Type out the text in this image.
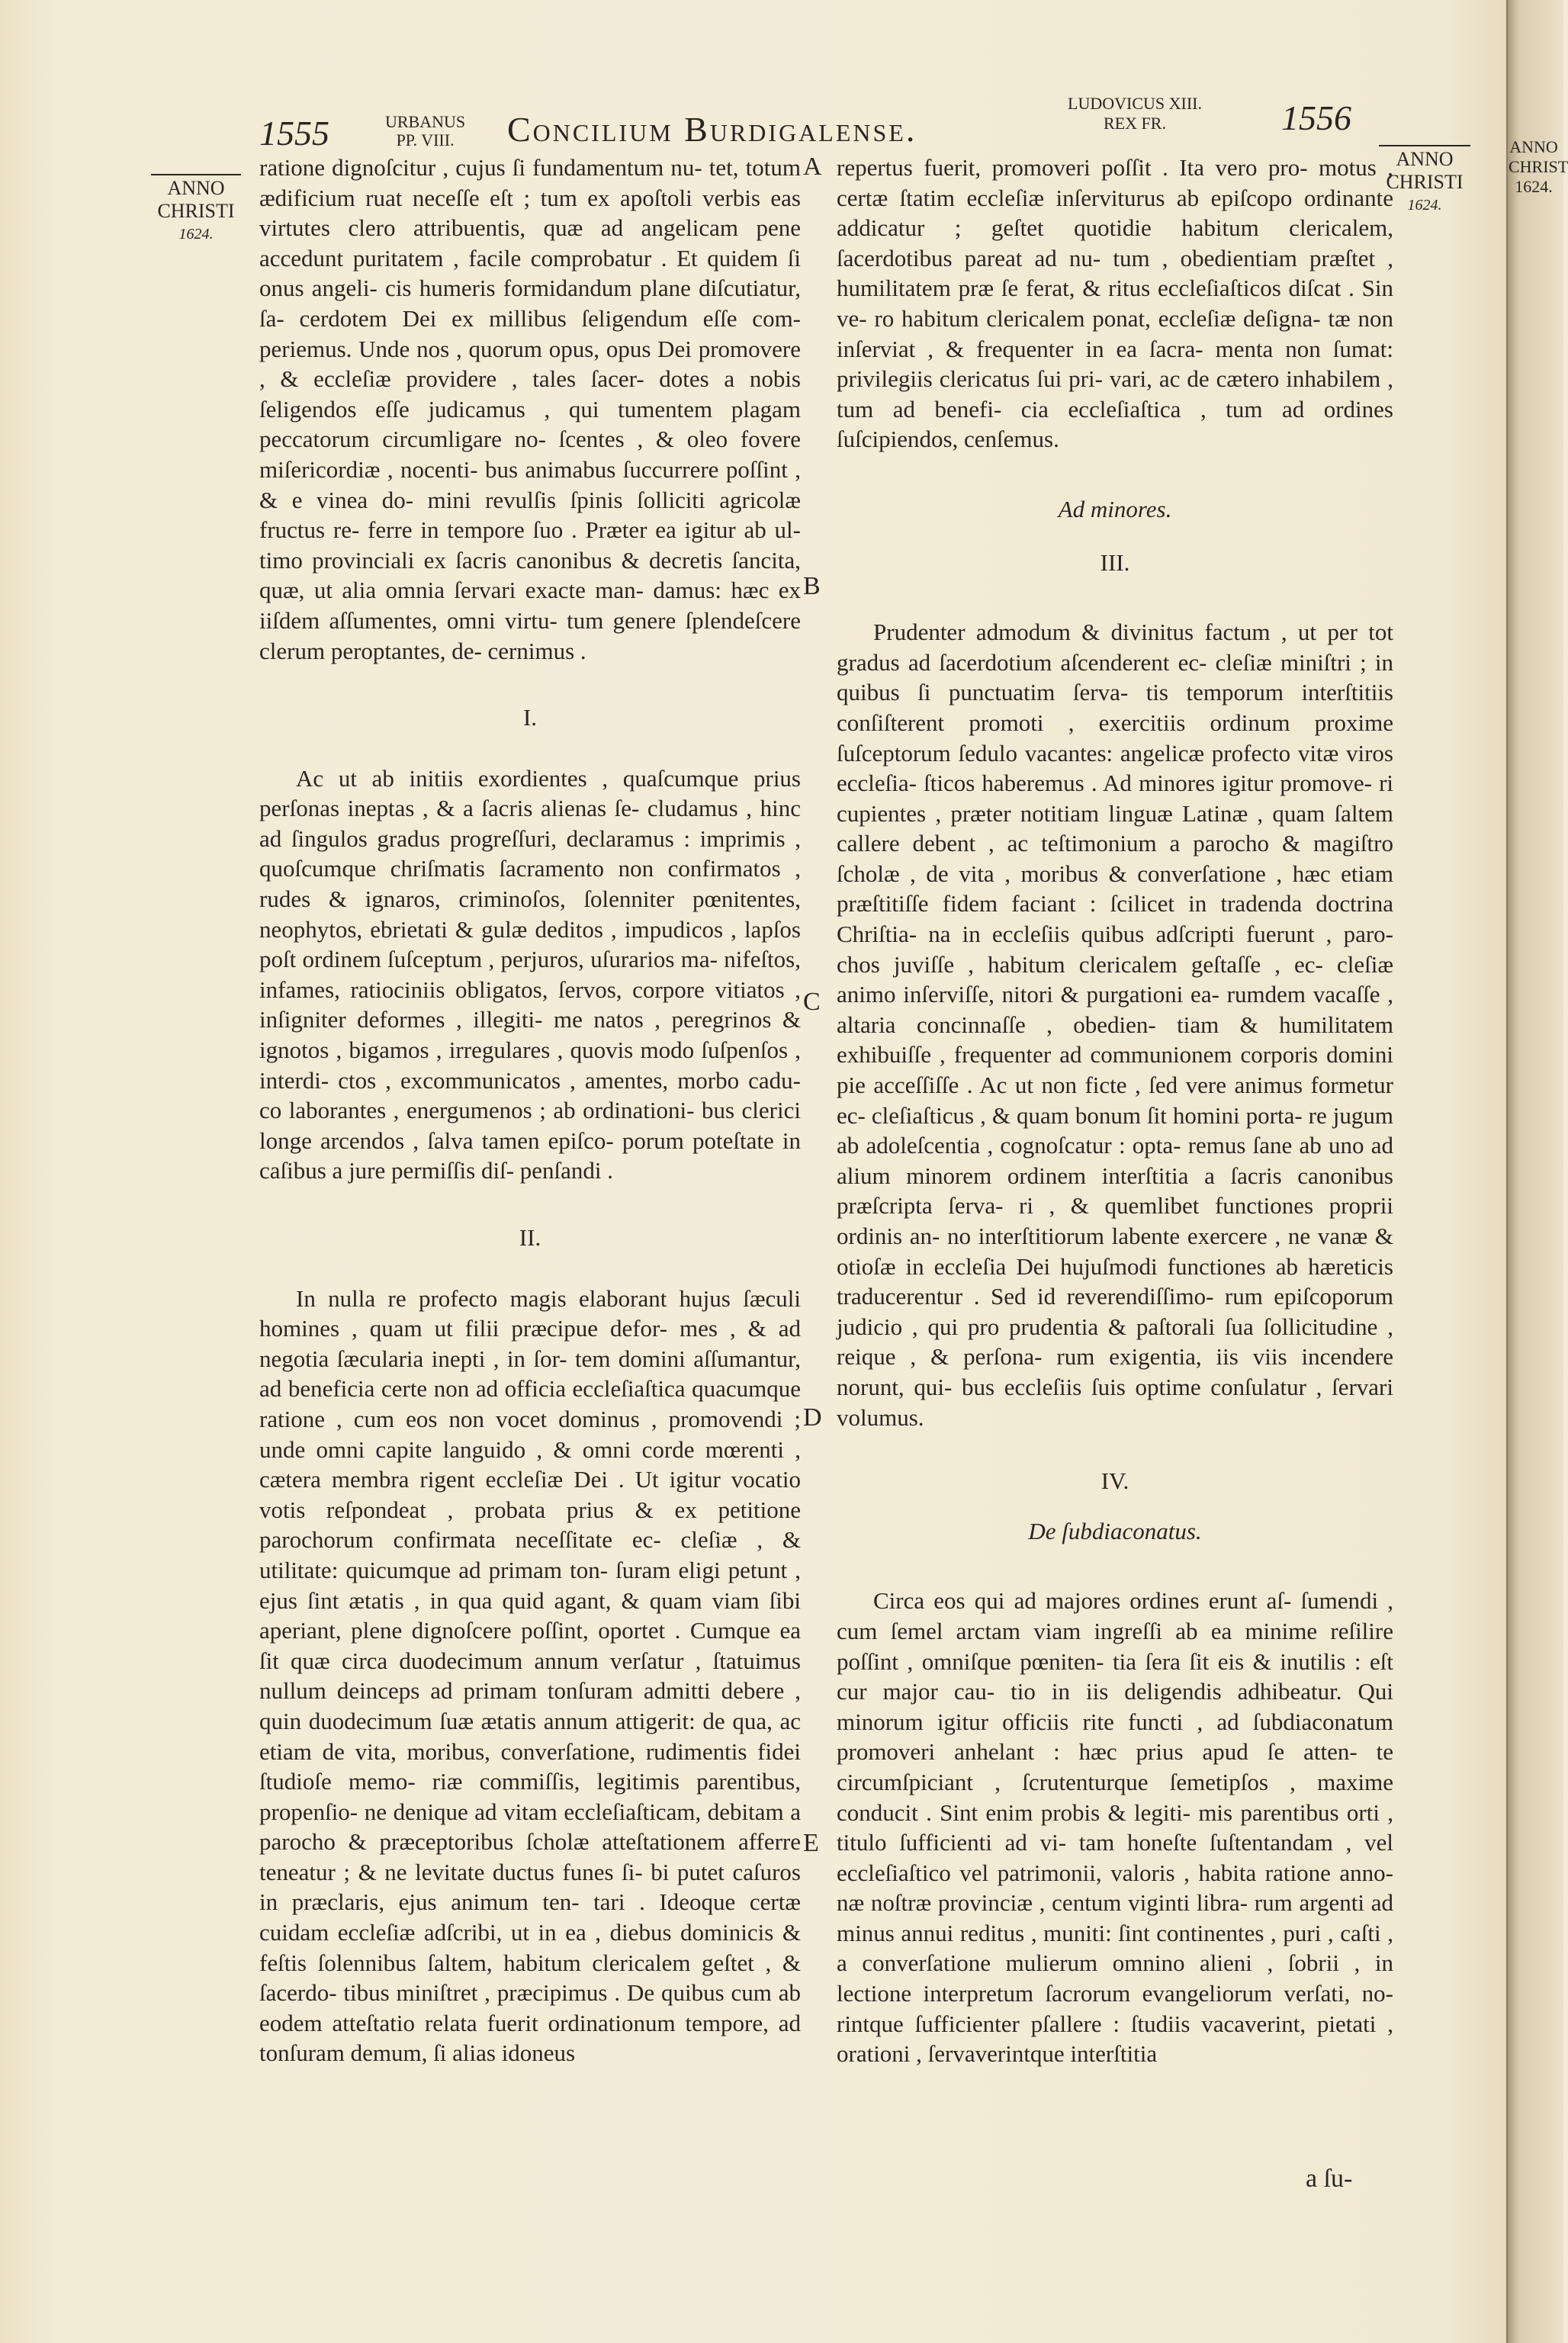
ANNO
CHRIST
1624.
1555	URBANUS
PP. VIII.	Concilium Burdigalense.
LUDOVICUS XIII.
REX FR.	1556
ANNO
CHRISTI
1624.
ANNO
CHRISTI
1624.
A
B
C
D
E

ratione dignoſcitur , cujus ſi fundamentum nu- tet, totum ædificium ruat neceſſe eſt ; tum ex apoſtoli verbis eas virtutes clero attribuentis, quæ ad angelicam pene accedunt puritatem , facile comprobatur . Et quidem ſi onus angeli- cis humeris formidandum plane diſcutiatur, ſa- cerdotem Dei ex millibus ſeligendum eſſe com- periemus. Unde nos , quorum opus, opus Dei promovere , & eccleſiæ providere , tales ſacer- dotes a nobis ſeligendos eſſe judicamus , qui tumentem plagam peccatorum circumligare no- ſcentes , & oleo fovere miſericordiæ , nocenti- bus animabus ſuccurrere poſſint , & e vinea do- mini revulſis ſpinis ſolliciti agricolæ fructus re- ferre in tempore ſuo . Præter ea igitur ab ul- timo provinciali ex ſacris canonibus & decretis ſancita, quæ, ut alia omnia ſervari exacte man- damus: hæc ex iiſdem aſſumentes, omni virtu- tum genere ſplendeſcere clerum peroptantes, de- cernimus .

I.

Ac ut ab initiis exordientes , quaſcumque prius perſonas ineptas , & a ſacris alienas ſe- cludamus , hinc ad ſingulos gradus progreſſuri, declaramus : imprimis , quoſcumque chriſmatis ſacramento non confirmatos , rudes & ignaros, criminoſos, ſolenniter pœnitentes, neophytos, ebrietati & gulæ deditos , impudicos , lapſos poſt ordinem ſuſceptum , perjuros, uſurarios ma- nifeſtos, infames, ratiociniis obligatos, ſervos, corpore vitiatos , inſigniter deformes , illegiti- me natos , peregrinos & ignotos , bigamos , irregulares , quovis modo ſuſpenſos , interdi- ctos , excommunicatos , amentes, morbo cadu- co laborantes , energumenos ; ab ordinationi- bus clerici longe arcendos , ſalva tamen epiſco- porum poteſtate in caſibus a jure permiſſis diſ- penſandi .

II.

In nulla re profecto magis elaborant hujus ſæculi homines , quam ut filii præcipue defor- mes , & ad negotia ſæcularia inepti , in ſor- tem domini aſſumantur, ad beneficia certe non ad officia eccleſiaſtica quacumque ratione , cum eos non vocet dominus , promovendi ; unde omni capite languido , & omni corde mœrenti , cætera membra rigent eccleſiæ Dei . Ut igitur vocatio votis reſpondeat , probata prius & ex petitione parochorum confirmata neceſſitate ec- cleſiæ , & utilitate: quicumque ad primam ton- ſuram eligi petunt , ejus ſint ætatis , in qua quid agant, & quam viam ſibi aperiant, plene dignoſcere poſſint, oportet . Cumque ea ſit quæ circa duodecimum annum verſatur , ſtatuimus nullum deinceps ad primam tonſuram admitti debere , quin duodecimum ſuæ ætatis annum attigerit: de qua, ac etiam de vita, moribus, converſatione, rudimentis fidei ſtudioſe memo- riæ commiſſis, legitimis parentibus, propenſio- ne denique ad vitam eccleſiaſticam, debitam a parocho & præceptoribus ſcholæ atteſtationem afferre teneatur ; & ne levitate ductus funes ſi- bi putet caſuros in præclaris, ejus animum ten- tari . Ideoque certæ cuidam eccleſiæ adſcribi, ut in ea , diebus dominicis & feſtis ſolennibus ſaltem, habitum clericalem geſtet , & ſacerdo- tibus miniſtret , præcipimus . De quibus cum ab eodem atteſtatio relata fuerit ordinationum tempore, ad tonſuram demum, ſi alias idoneus

repertus fuerit, promoveri poſſit . Ita vero pro- motus , certæ ſtatim eccleſiæ inſerviturus ab epiſcopo ordinante addicatur ; geſtet quotidie habitum clericalem, ſacerdotibus pareat ad nu- tum , obedientiam præſtet , humilitatem præ ſe ferat, & ritus eccleſiaſticos diſcat . Sin ve- ro habitum clericalem ponat, eccleſiæ deſigna- tæ non inſerviat , & frequenter in ea ſacra- menta non ſumat: privilegiis clericatus ſui pri- vari, ac de cætero inhabilem , tum ad benefi- cia eccleſiaſtica , tum ad ordines ſuſcipiendos, cenſemus.

Ad minores.
III.

Prudenter admodum & divinitus factum , ut per tot gradus ad ſacerdotium aſcenderent ec- cleſiæ miniſtri ; in quibus ſi punctuatim ſerva- tis temporum interſtitiis conſiſterent promoti , exercitiis ordinum proxime ſuſceptorum ſedulo vacantes: angelicæ profecto vitæ viros eccleſia- ſticos haberemus . Ad minores igitur promove- ri cupientes , præter notitiam linguæ Latinæ , quam ſaltem callere debent , ac teſtimonium a parocho & magiſtro ſcholæ , de vita , moribus & converſatione , hæc etiam præſtitiſſe fidem faciant : ſcilicet in tradenda doctrina Chriſtia- na in eccleſiis quibus adſcripti fuerunt , paro- chos juviſſe , habitum clericalem geſtaſſe , ec- cleſiæ animo inſerviſſe, nitori & purgationi ea- rumdem vacaſſe , altaria concinnaſſe , obedien- tiam & humilitatem exhibuiſſe , frequenter ad communionem corporis domini pie acceſſiſſe . Ac ut non ficte , ſed vere animus formetur ec- cleſiaſticus , & quam bonum ſit homini porta- re jugum ab adoleſcentia , cognoſcatur : opta- remus ſane ab uno ad alium minorem ordinem interſtitia a ſacris canonibus præſcripta ſerva- ri , & quemlibet functiones proprii ordinis an- no interſtitiorum labente exercere , ne vanæ & otioſæ in eccleſia Dei hujuſmodi functiones ab hæreticis traducerentur . Sed id reverendiſſimo- rum epiſcoporum judicio , qui pro prudentia & paſtorali ſua ſollicitudine , reique , & perſona- rum exigentia, iis viis incendere norunt, qui- bus eccleſiis ſuis optime conſulatur , ſervari volumus.

IV.
De ſubdiaconatus.

Circa eos qui ad majores ordines erunt aſ- ſumendi , cum ſemel arctam viam ingreſſi ab ea minime reſilire poſſint , omniſque pœniten- tia ſera ſit eis & inutilis : eſt cur major cau- tio in iis deligendis adhibeatur. Qui minorum igitur officiis rite functi , ad ſubdiaconatum promoveri anhelant : hæc prius apud ſe atten- te circumſpiciant , ſcrutenturque ſemetipſos , maxime conducit . Sint enim probis & legiti- mis parentibus orti , titulo ſufficienti ad vi- tam honeſte ſuſtentandam , vel eccleſiaſtico vel patrimonii, valoris , habita ratione anno- næ noſtræ provinciæ , centum viginti libra- rum argenti ad minus annui reditus , muniti: ſint continentes , puri , caſti , a converſatione mulierum omnino alieni , ſobrii , in lectione interpretum ſacrorum evangeliorum verſati, no- rintque ſufficienter pſallere : ſtudiis vacaverint, pietati , orationi , ſervaverintque interſtitia

a ſu-
